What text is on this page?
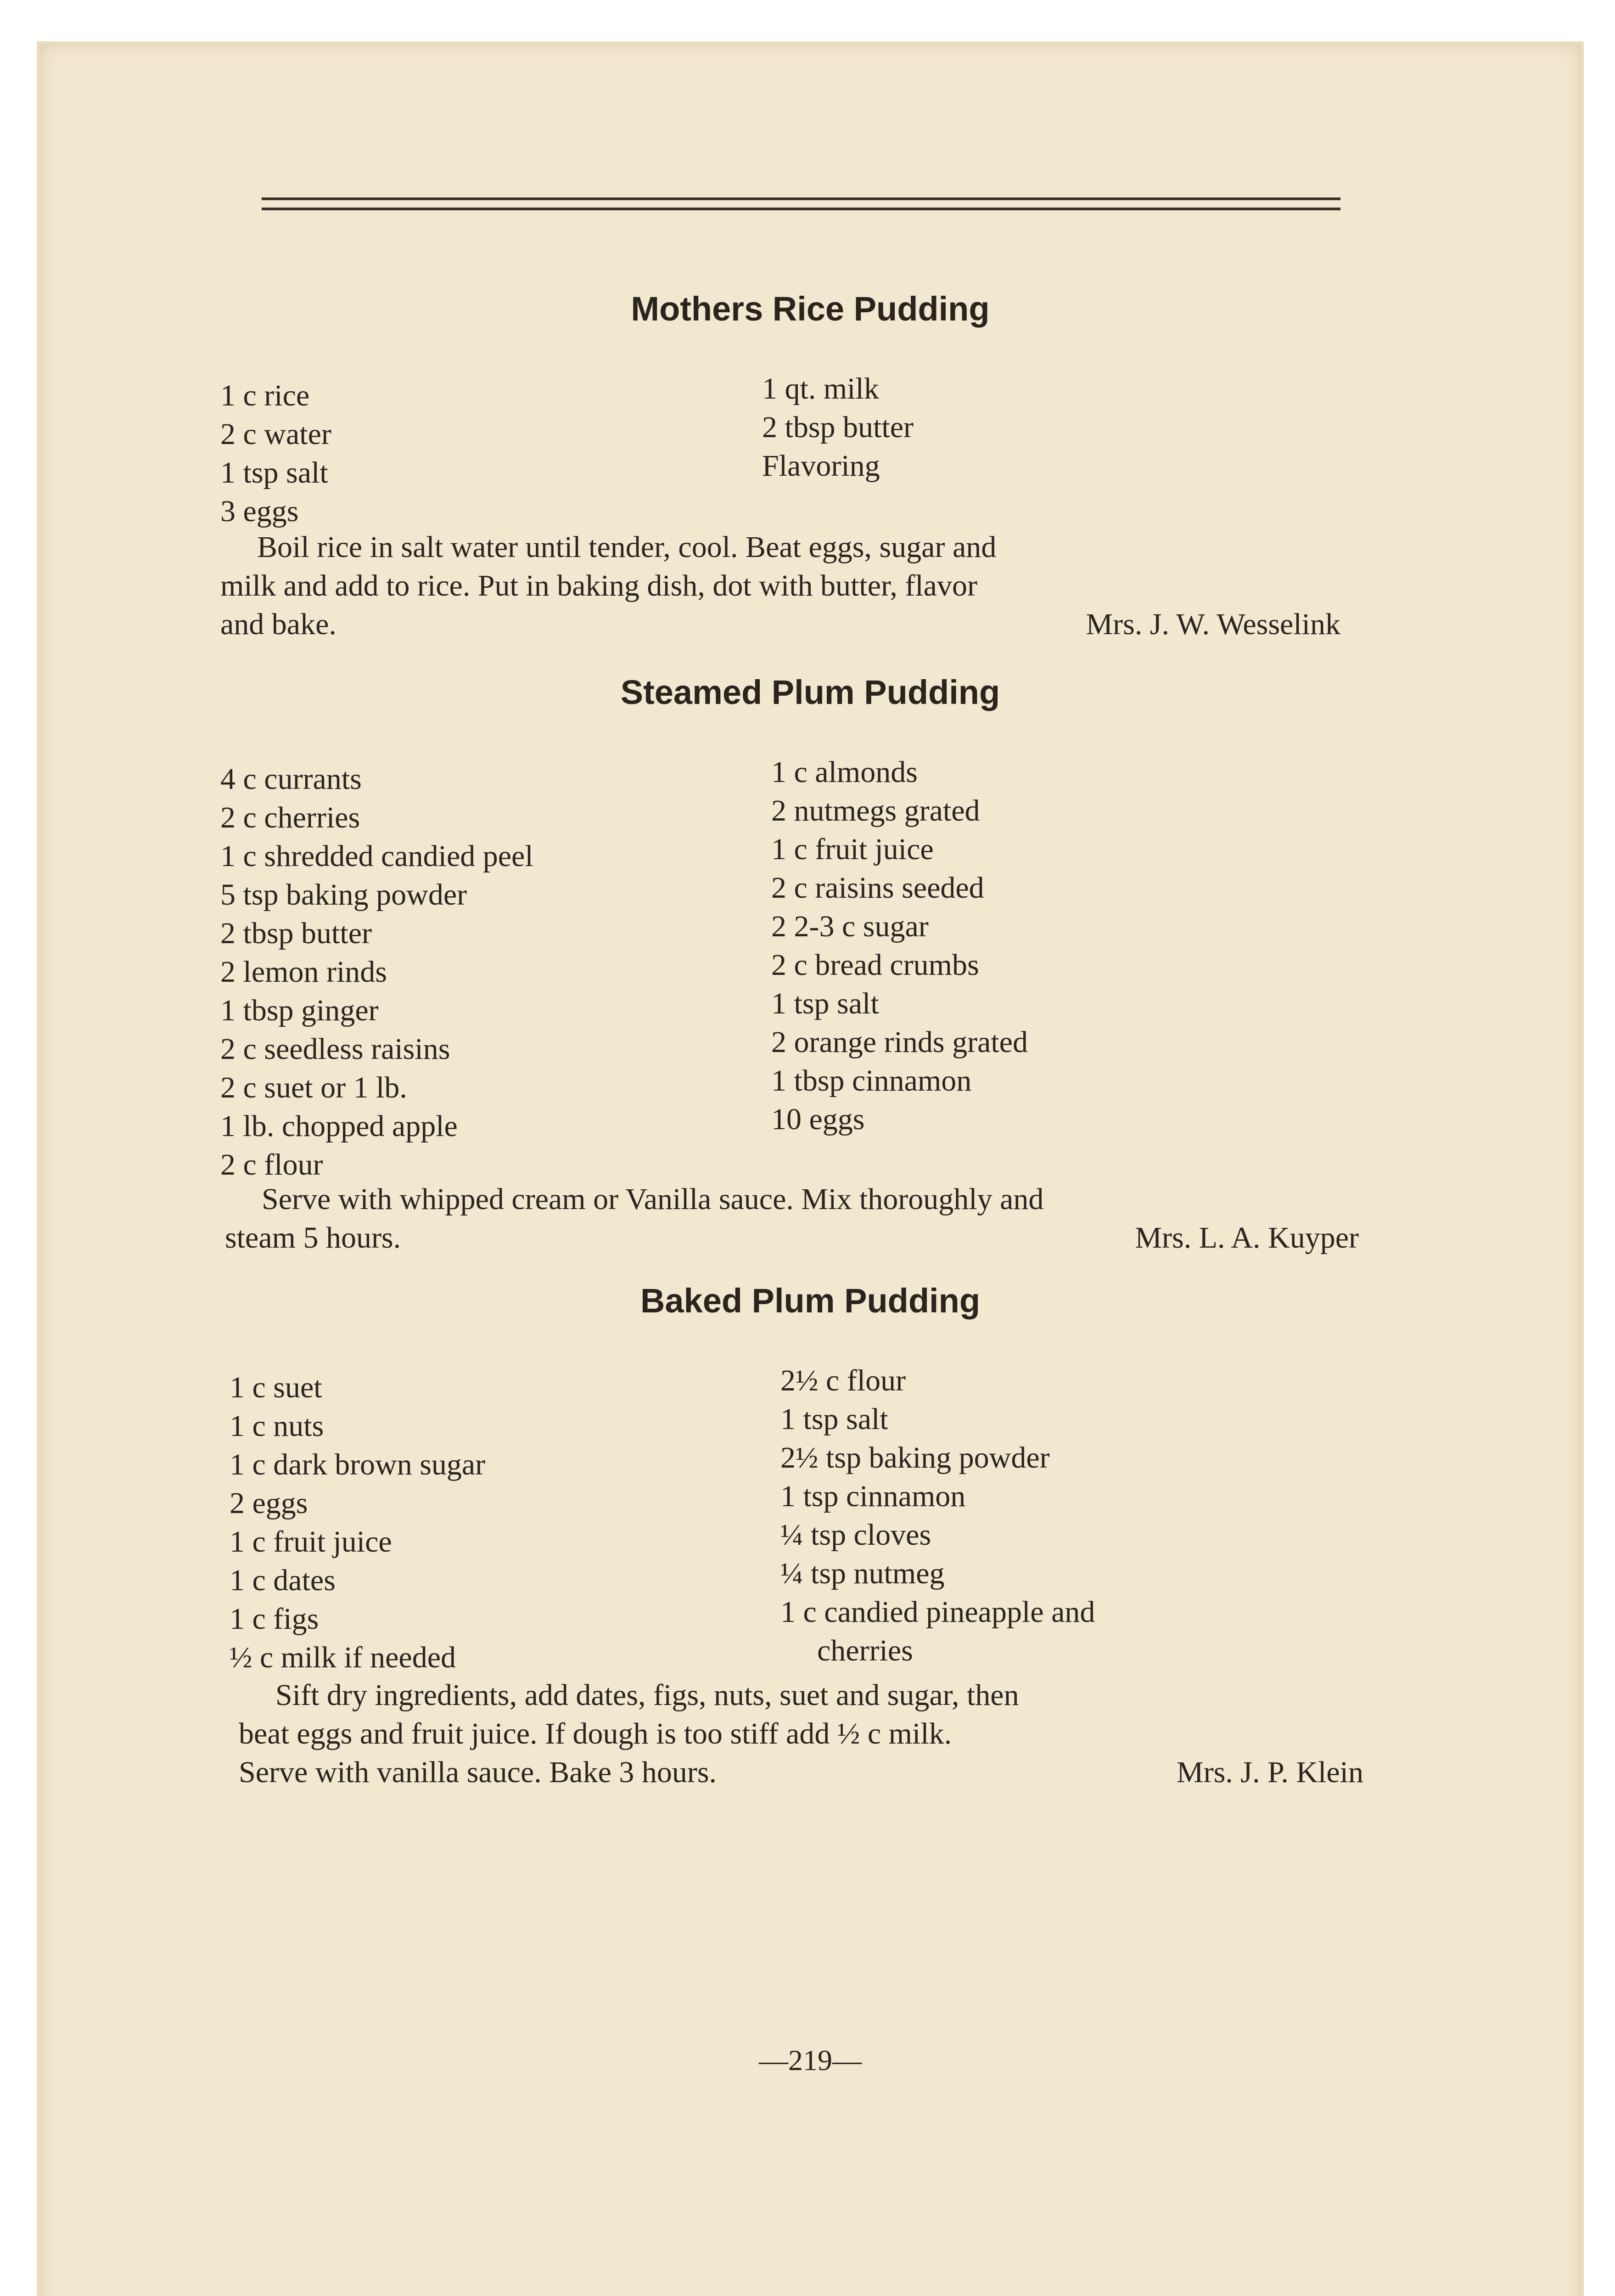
Mothers Rice Pudding
1 c rice
2 c water
1 tsp salt
3 eggs
1 qt. milk
2 tbsp butter
Flavoring
Boil rice in salt water until tender, cool. Beat eggs, sugar and
milk and add to rice. Put in baking dish, dot with butter, flavor
and bake.	Mrs. J. W. Wesselink
Steamed Plum Pudding
4 c currants
2 c cherries
1 c shredded candied peel
5 tsp baking powder
2 tbsp butter
2 lemon rinds
1 tbsp ginger
2 c seedless raisins
2 c suet or 1 lb.
1 lb. chopped apple
2 c flour
1 c almonds
2 nutmegs grated
1 c fruit juice
2 c raisins seeded
2 2-3 c sugar
2 c bread crumbs
1 tsp salt
2 orange rinds grated
1 tbsp cinnamon
10 eggs
Serve with whipped cream or Vanilla sauce. Mix thoroughly and
steam 5 hours.	Mrs. L. A. Kuyper
Baked Plum Pudding
1 c suet
1 c nuts
1 c dark brown sugar
2 eggs
1 c fruit juice
1 c dates
1 c figs
½ c milk if needed
2½ c flour
1 tsp salt
2½ tsp baking powder
1 tsp cinnamon
¼ tsp cloves
¼ tsp nutmeg
1 c candied pineapple and
cherries
Sift dry ingredients, add dates, figs, nuts, suet and sugar, then
beat eggs and fruit juice. If dough is too stiff add ½ c milk.
Serve with vanilla sauce. Bake 3 hours.	Mrs. J. P. Klein
—219—
